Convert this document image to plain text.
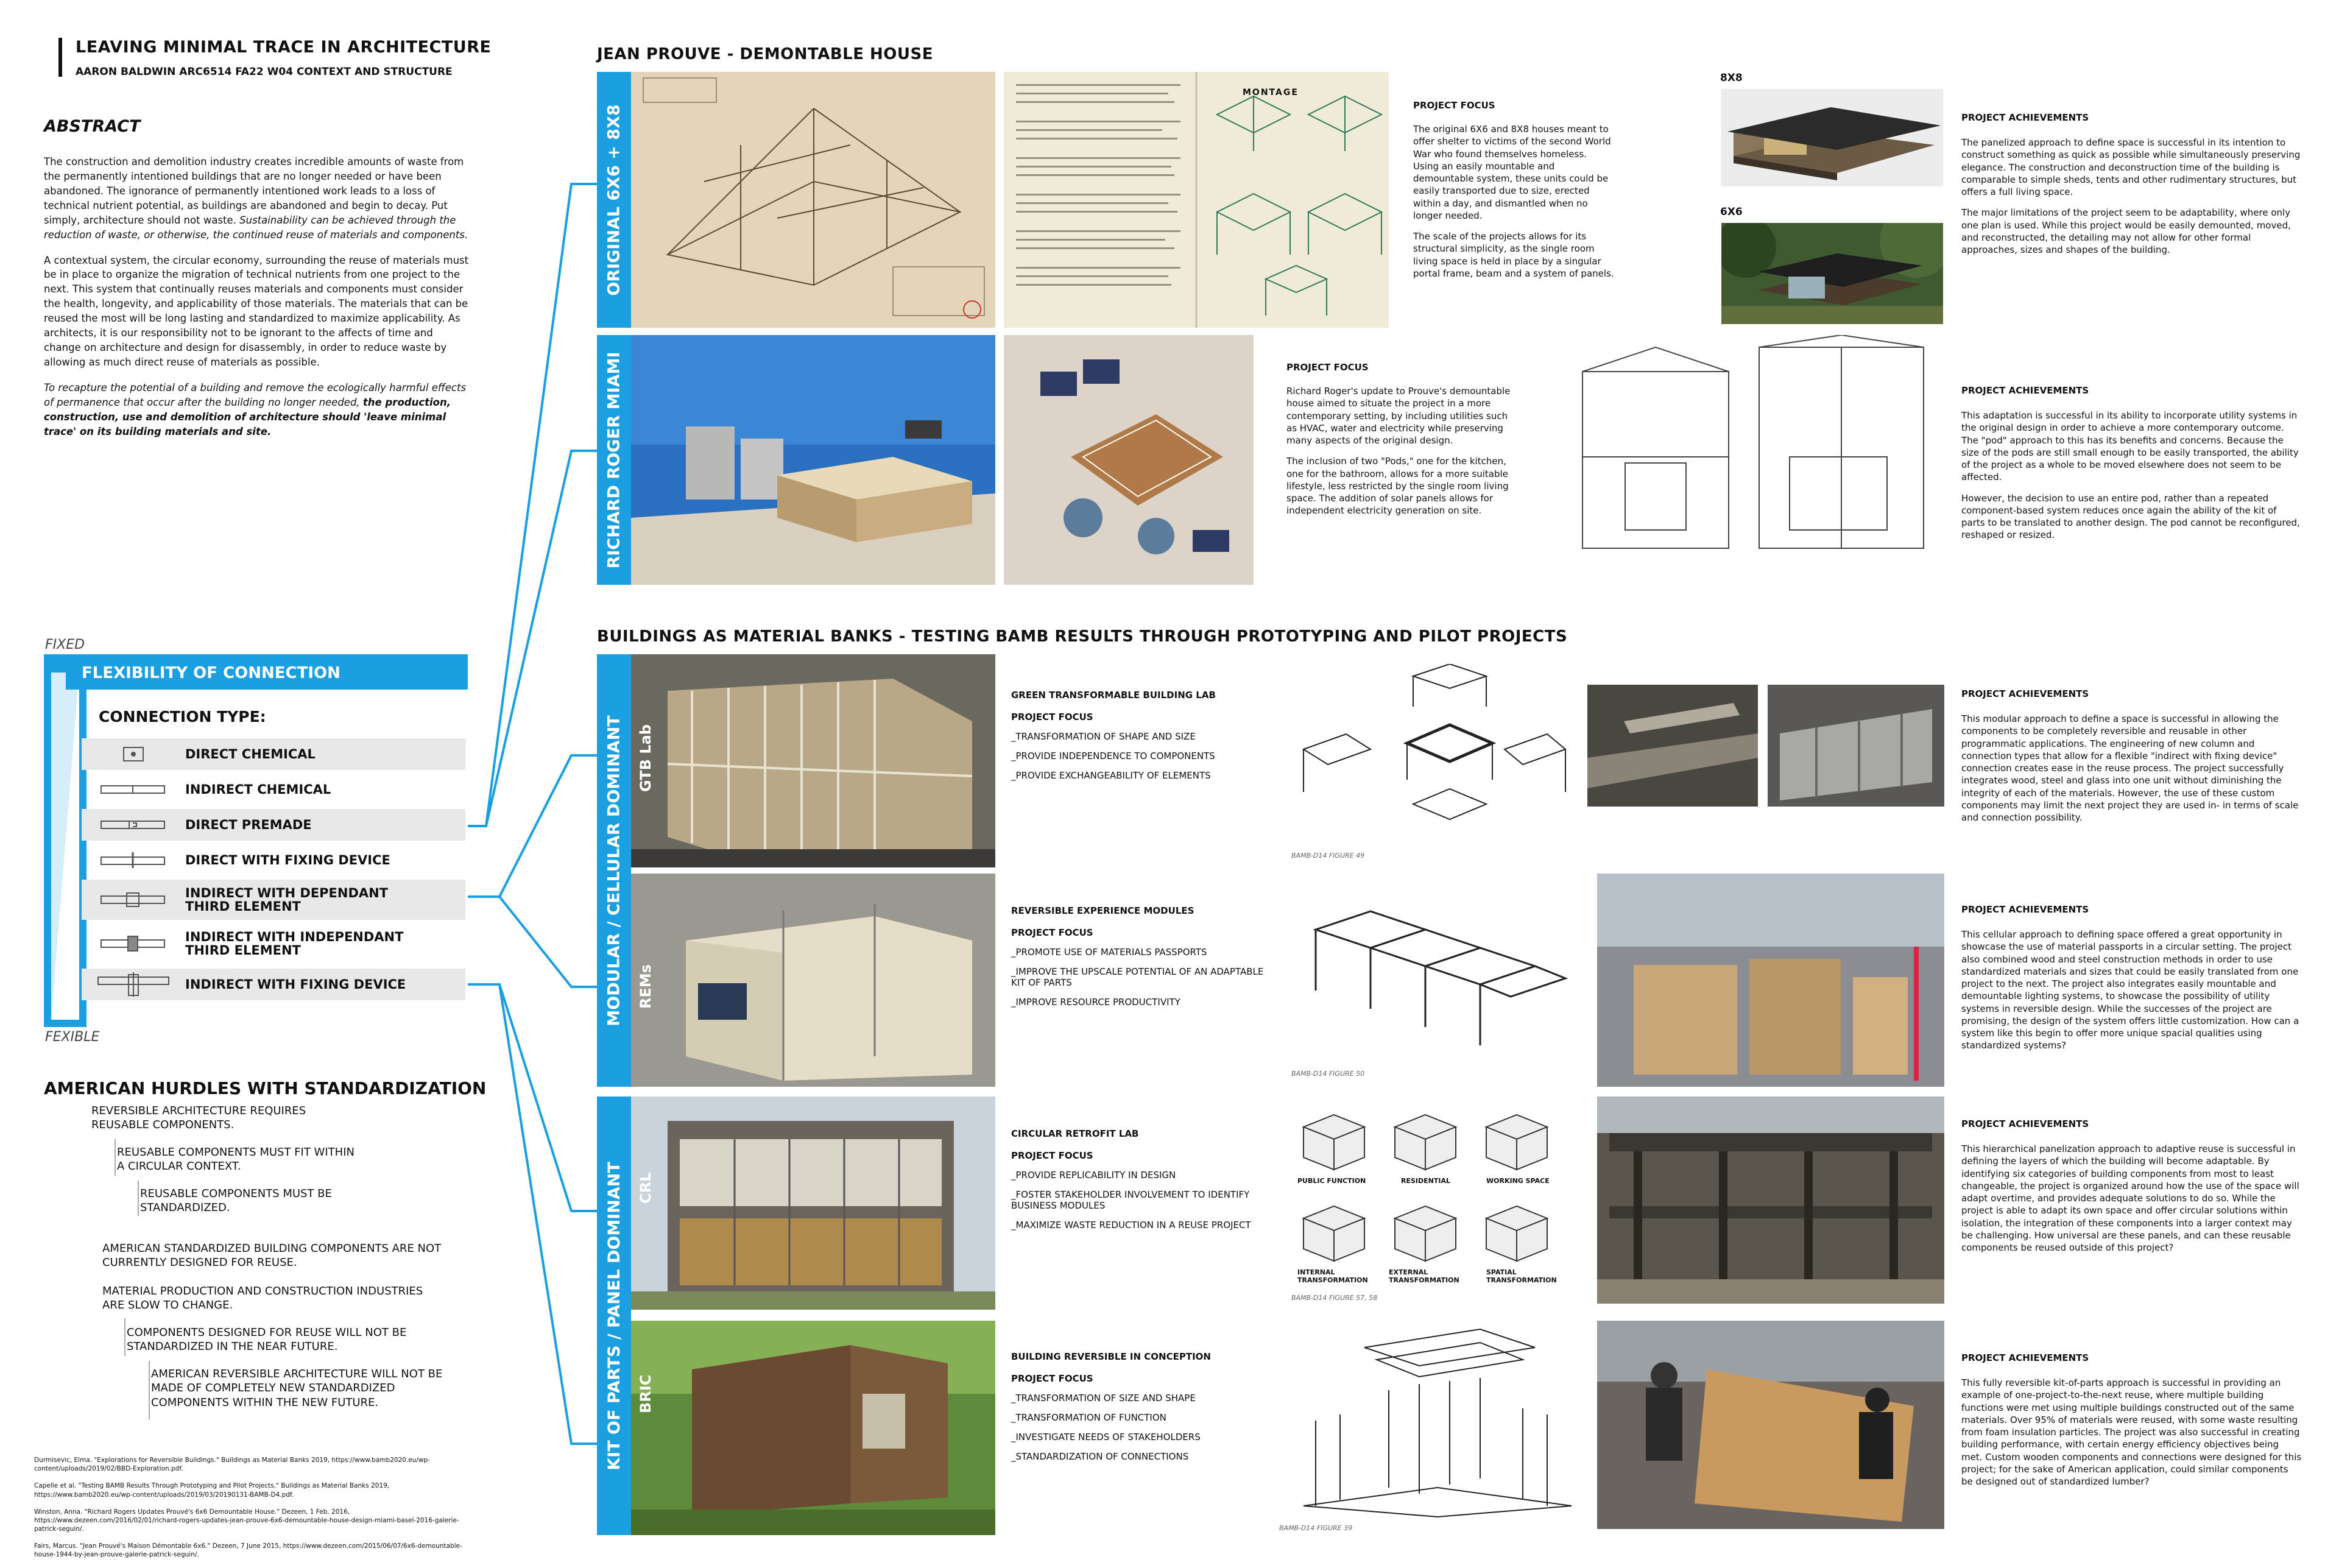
LEAVING MINIMAL TRACE IN ARCHITECTURE
AARON BALDWIN ARC6514 FA22 W04 CONTEXT AND STRUCTURE
ABSTRACT

The construction and demolition industry creates incredible amounts of waste from the permanently intentioned buildings that are no longer needed or have been abandoned. The ignorance of permanently intentioned work leads to a loss of technical nutrient potential, as buildings are abandoned and begin to decay. Put simply, architecture should not waste. Sustainability can be achieved through the reduction of waste, or otherwise, the continued reuse of materials and components.

A contextual system, the circular economy, surrounding the reuse of materials must be in place to organize the migration of technical nutrients from one project to the next. This system that continually reuses materials and components must consider the health, longevity, and applicability of those materials. The materials that can be reused the most will be long lasting and standardized to maximize applicability. As architects, it is our responsibility not to be ignorant to the affects of time and change on architecture and design for disassembly, in order to reduce waste by allowing as much direct reuse of materials as possible.

To recapture the potential of a building and remove the ecologically harmful effects of permanence that occur after the building no longer needed, the production, construction, use and demolition of architecture should 'leave minimal trace' on its building materials and site.

FIXED
FLEXIBILITY OF CONNECTION
CONNECTION TYPE:
DIRECT CHEMICAL
INDIRECT CHEMICAL
DIRECT PREMADE
DIRECT WITH FIXING DEVICE
INDIRECT WITH DEPENDANT THIRD ELEMENT
INDIRECT WITH INDEPENDANT THIRD ELEMENT
INDIRECT WITH FIXING DEVICE
FEXIBLE
AMERICAN HURDLES WITH STANDARDIZATION
REVERSIBLE ARCHITECTURE REQUIRES REUSABLE COMPONENTS.
REUSABLE COMPONENTS MUST FIT WITHIN A CIRCULAR CONTEXT.
REUSABLE COMPONENTS MUST BE STANDARDIZED.
AMERICAN STANDARDIZED BUILDING COMPONENTS ARE NOT CURRENTLY DESIGNED FOR REUSE.
MATERIAL PRODUCTION AND CONSTRUCTION INDUSTRIES ARE SLOW TO CHANGE.
COMPONENTS DESIGNED FOR REUSE WILL NOT BE STANDARDIZED IN THE NEAR FUTURE.
AMERICAN REVERSIBLE ARCHITECTURE WILL NOT BE MADE OF COMPLETELY NEW STANDARDIZED COMPONENTS WITHIN THE NEW FUTURE.
Durmisevic, Elma. "Explorations for Reversible Buildings." Buildings as Material Banks 2019, https://www.bamb2020.eu/wp-content/uploads/2019/02/BBD-Exploration.pdf.
Capelle et al. "Testing BAMB Results Through Prototyping and Pilot Projects." Buildings as Material Banks 2019, https://www.bamb2020.eu/wp-content/uploads/2019/03/20190131-BAMB-D4.pdf.
Winston, Anna. "Richard Rogers Updates Prouvé's 6x6 Demountable House." Dezeen, 1 Feb. 2016, https://www.dezeen.com/2016/02/01/richard-rogers-updates-jean-prouve-6x6-demountable-house-design-miami-basel-2016-galerie-patrick-seguin/.
Fairs, Marcus. "Jean Prouvé's Maison Démontable 6x6." Dezeen, 7 June 2015, https://www.dezeen.com/2015/06/07/6x6-demountable-house-1944-by-jean-prouve-galerie-patrick-seguin/.
JEAN PROUVE - DEMONTABLE HOUSE
ORIGINAL 6X6 + 8X8
MONTAGE
PROJECT FOCUS
The original 6X6 and 8X8 houses meant to offer shelter to victims of the second World War who found themselves homeless. Using an easily mountable and demountable system, these units could be easily transported due to size, erected within a day, and dismantled when no longer needed.
The scale of the projects allows for its structural simplicity, as the single room living space is held in place by a singular portal frame, beam and a system of panels.
8X8
6X6
PROJECT ACHIEVEMENTS
The panelized approach to define space is successful in its intention to construct something as quick as possible while simultaneously preserving elegance. The construction and deconstruction time of the building is comparable to simple sheds, tents and other rudimentary structures, but offers a full living space.
The major limitations of the project seem to be adaptability, where only one plan is used. While this project would be easily demounted, moved, and reconstructed, the detailing may not allow for other formal approaches, sizes and shapes of the building.
RICHARD ROGER MIAMI	PROJECT FOCUS
Richard Roger's update to Prouve's demountable house aimed to situate the project in a more contemporary setting, by including utilities such as HVAC, water and electricity while preserving many aspects of the original design.
The inclusion of two "Pods," one for the kitchen, one for the bathroom, allows for a more suitable lifestyle, less restricted by the single room living space. The addition of solar panels allows for independent electricity generation on site.
PROJECT ACHIEVEMENTS
This adaptation is successful in its ability to incorporate utility systems in the original design in order to achieve a more contemporary outcome. The "pod" approach to this has its benefits and concerns. Because the size of the pods are still small enough to be easily transported, the ability of the project as a whole to be moved elsewhere does not seem to be affected.
However, the decision to use an entire pod, rather than a repeated component-based system reduces once again the ability of the kit of parts to be translated to another design. The pod cannot be reconfigured, reshaped or resized.
BUILDINGS AS MATERIAL BANKS - TESTING BAMB RESULTS THROUGH PROTOTYPING AND PILOT PROJECTS
MODULAR / CELLULAR DOMINANT
KIT OF PARTS / PANEL DOMINANT
GTB Lab
GREEN TRANSFORMABLE BUILDING LAB
PROJECT FOCUS
_TRANSFORMATION OF SHAPE AND SIZE
_PROVIDE INDEPENDENCE TO COMPONENTS
_PROVIDE EXCHANGEABILITY OF ELEMENTS
BAMB-D14 FIGURE 49
PROJECT ACHIEVEMENTS
This modular approach to define a space is successful in allowing the components to be completely reversible and reusable in other programmatic applications. The engineering of new column and connection types that allow for a flexible "indirect with fixing device" connection creates ease in the reuse process. The project successfully integrates wood, steel and glass into one unit without diminishing the integrity of each of the materials. However, the use of these custom components may limit the next project they are used in- in terms of scale and connection possibility.
REMs
REVERSIBLE EXPERIENCE MODULES
PROJECT FOCUS
_PROMOTE USE OF MATERIALS PASSPORTS
_IMPROVE THE UPSCALE POTENTIAL OF AN ADAPTABLE KIT OF PARTS
_IMPROVE RESOURCE PRODUCTIVITY
BAMB-D14 FIGURE 50
PROJECT ACHIEVEMENTS
This cellular approach to defining space offered a great opportunity in showcase the use of material passports in a circular setting. The project also combined wood and steel construction methods in order to use standardized materials and sizes that could be easily translated from one project to the next. The project also integrates easily mountable and demountable lighting systems, to showcase the possibility of utility systems in reversible design. While the successes of the project are promising, the design of the system offers little customization. How can a system like this begin to offer more unique spacial qualities using standardized systems?
CRL
CIRCULAR RETROFIT LAB
PROJECT FOCUS
_PROVIDE REPLICABILITY IN DESIGN
_FOSTER STAKEHOLDER INVOLVEMENT TO IDENTIFY BUSINESS MODULES
_MAXIMIZE WASTE REDUCTION IN A REUSE PROJECT
PUBLIC FUNCTION	RESIDENTIAL	WORKING SPACE
INTERNAL TRANSFORMATION
EXTERNAL TRANSFORMATION
SPATIAL TRANSFORMATION
BAMB-D14 FIGURE 57, 58
PROJECT ACHIEVEMENTS
This hierarchical panelization approach to adaptive reuse is successful in defining the layers of which the building will become adaptable. By identifying six categories of building components from most to least changeable, the project is organized around how the use of the space will adapt overtime, and provides adequate solutions to do so. While the project is able to adapt its own space and offer circular solutions within isolation, the integration of these components into a larger context may be challenging. How universal are these panels, and can these reusable components be reused outside of this project?
BRIC
BUILDING REVERSIBLE IN CONCEPTION
PROJECT FOCUS
_TRANSFORMATION OF SIZE AND SHAPE
_TRANSFORMATION OF FUNCTION
_INVESTIGATE NEEDS OF STAKEHOLDERS
_STANDARDIZATION OF CONNECTIONS
BAMB-D14 FIGURE 39
PROJECT ACHIEVEMENTS
This fully reversible kit-of-parts approach is successful in providing an example of one-project-to-the-next reuse, where multiple building functions were met using multiple buildings constructed out of the same materials. Over 95% of materials were reused, with some waste resulting from foam insulation particles. The project was also successful in creating building performance, with certain energy efficiency objectives being met. Custom wooden components and connections were designed for this project; for the sake of American application, could similar components be designed out of standardized lumber?
